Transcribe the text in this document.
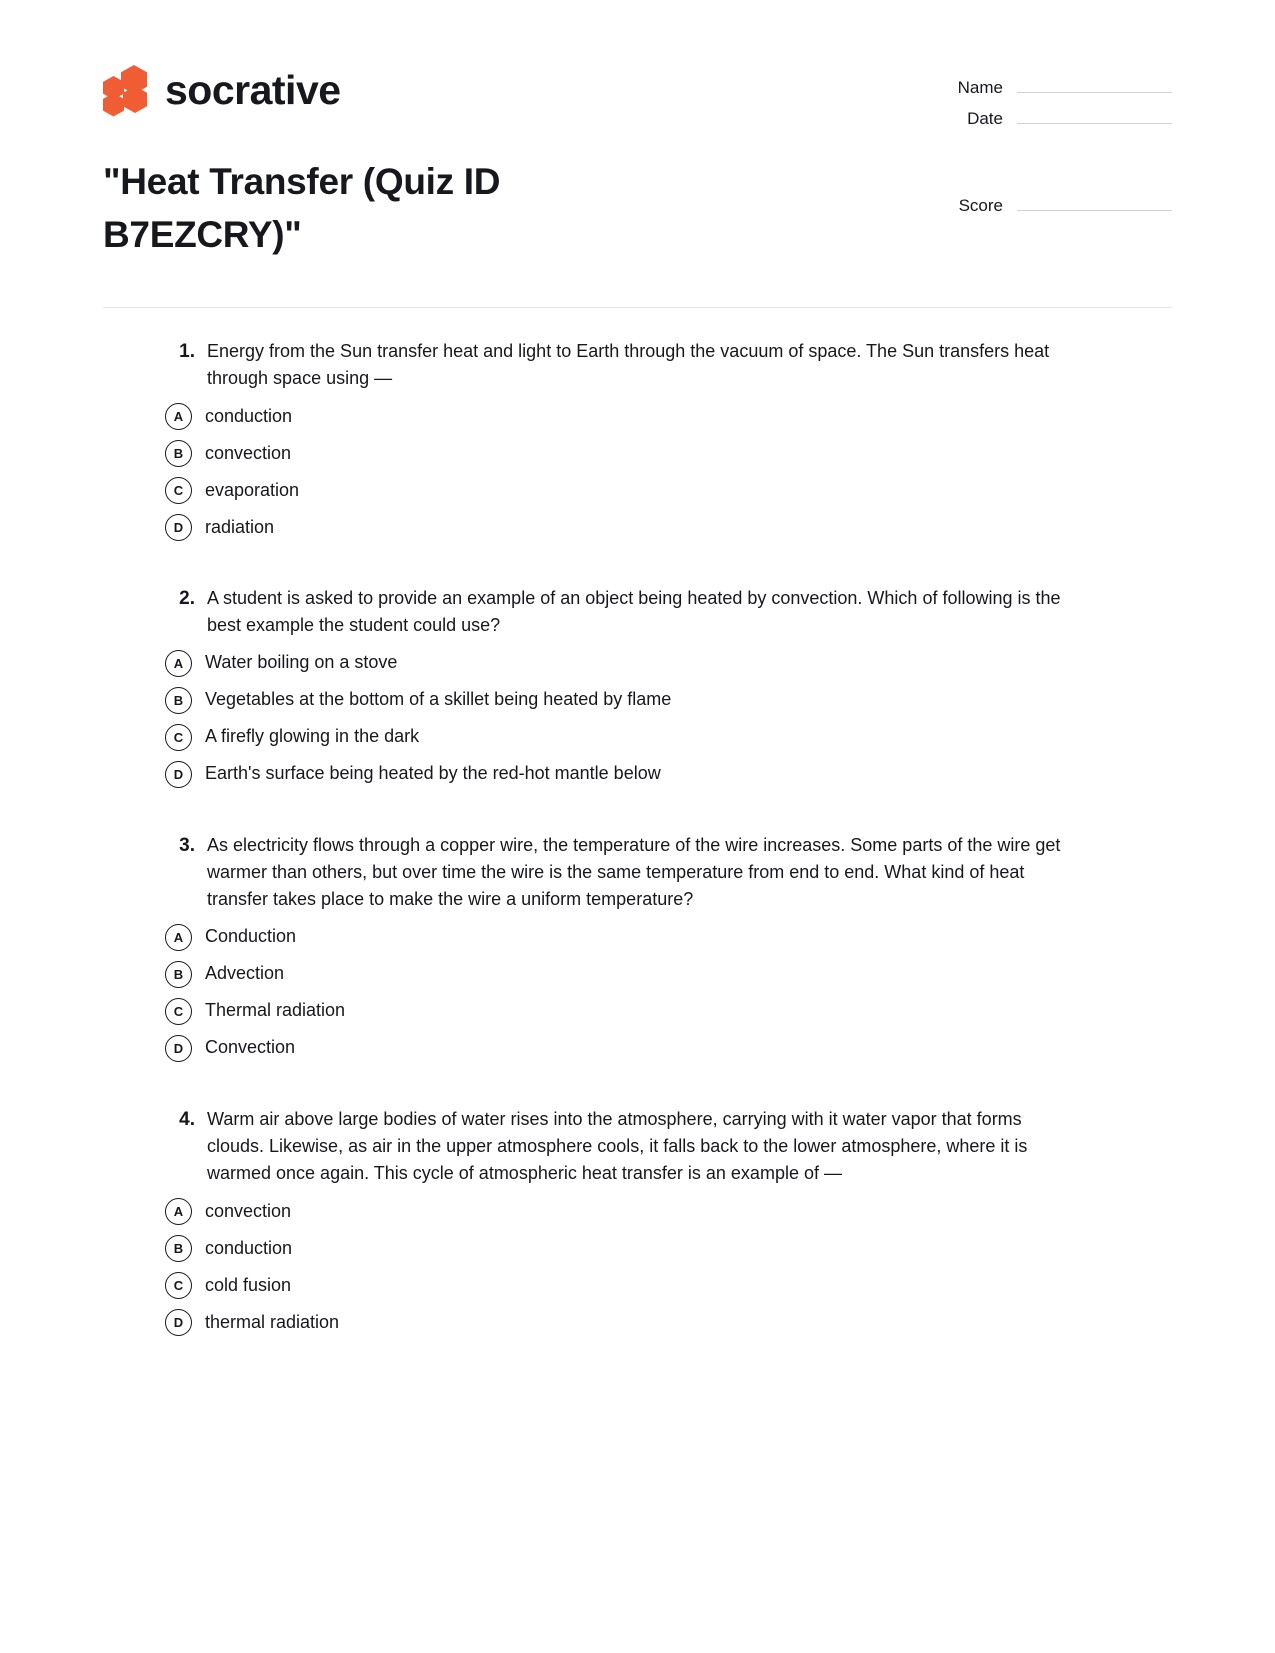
socrative
"Heat Transfer (Quiz ID B7EZCRY)"
Name
Date
Score
1. Energy from the Sun transfer heat and light to Earth through the vacuum of space. The Sun transfers heat through space using —
A	conduction
B	convection
C	evaporation
D	radiation
2. A student is asked to provide an example of an object being heated by convection. Which of following is the best example the student could use?
A	Water boiling on a stove
B	Vegetables at the bottom of a skillet being heated by flame
C	A firefly glowing in the dark
D	Earth's surface being heated by the red-hot mantle below
3. As electricity flows through a copper wire, the temperature of the wire increases. Some parts of the wire get warmer than others, but over time the wire is the same temperature from end to end. What kind of heat transfer takes place to make the wire a uniform temperature?
A	Conduction
B	Advection
C	Thermal radiation
D	Convection
4. Warm air above large bodies of water rises into the atmosphere, carrying with it water vapor that forms clouds. Likewise, as air in the upper atmosphere cools, it falls back to the lower atmosphere, where it is warmed once again. This cycle of atmospheric heat transfer is an example of —
A	convection
B	conduction
C	cold fusion
D	thermal radiation
